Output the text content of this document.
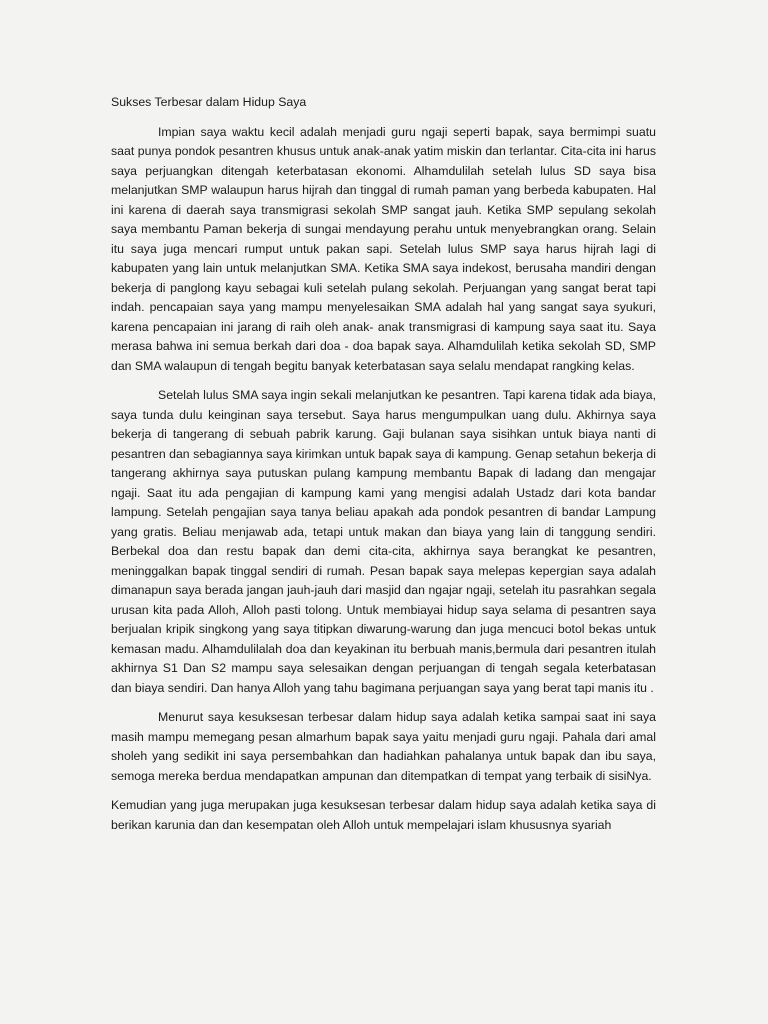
Sukses Terbesar dalam Hidup Saya

Impian saya waktu kecil adalah menjadi guru ngaji seperti bapak, saya bermimpi suatu saat punya pondok pesantren khusus untuk anak-anak yatim miskin dan terlantar. Cita-cita ini harus saya perjuangkan ditengah keterbatasan ekonomi. Alhamdulilah setelah lulus SD saya bisa melanjutkan SMP walaupun harus hijrah dan tinggal di rumah paman yang berbeda kabupaten. Hal ini karena di daerah saya transmigrasi sekolah SMP sangat jauh. Ketika SMP sepulang sekolah saya membantu Paman bekerja di sungai mendayung perahu untuk menyebrangkan orang. Selain itu saya juga mencari rumput untuk pakan sapi. Setelah lulus SMP saya harus hijrah lagi di kabupaten yang lain untuk melanjutkan SMA. Ketika SMA saya indekost, berusaha mandiri dengan bekerja di panglong kayu sebagai kuli setelah pulang sekolah. Perjuangan yang sangat berat tapi indah. pencapaian saya yang mampu menyelesaikan SMA adalah hal yang sangat saya syukuri, karena pencapaian ini jarang di raih oleh anak- anak transmigrasi di kampung saya saat itu. Saya merasa bahwa ini semua berkah dari doa - doa bapak saya. Alhamdulilah ketika sekolah SD, SMP dan SMA walaupun di tengah begitu banyak keterbatasan saya selalu mendapat rangking kelas.

Setelah lulus SMA saya ingin sekali melanjutkan ke pesantren. Tapi karena tidak ada biaya, saya tunda dulu keinginan saya tersebut. Saya harus mengumpulkan uang dulu. Akhirnya saya bekerja di tangerang di sebuah pabrik karung. Gaji bulanan saya sisihkan untuk biaya nanti di pesantren dan sebagiannya saya kirimkan untuk bapak saya di kampung. Genap setahun bekerja di tangerang akhirnya saya putuskan pulang kampung membantu Bapak di ladang dan mengajar ngaji. Saat itu ada pengajian di kampung kami yang mengisi adalah Ustadz dari kota bandar lampung. Setelah pengajian saya tanya beliau apakah ada pondok pesantren di bandar Lampung yang gratis. Beliau menjawab ada, tetapi untuk makan dan biaya yang lain di tanggung sendiri. Berbekal doa dan restu bapak dan demi cita-cita, akhirnya saya berangkat ke pesantren, meninggalkan bapak tinggal sendiri di rumah. Pesan bapak saya melepas kepergian saya adalah dimanapun saya berada jangan jauh-jauh dari masjid dan ngajar ngaji, setelah itu pasrahkan segala urusan kita pada Alloh, Alloh pasti tolong. Untuk membiayai hidup saya selama di pesantren saya berjualan kripik singkong yang saya titipkan diwarung-warung dan juga mencuci botol bekas untuk kemasan madu. Alhamdulilalah doa dan keyakinan itu berbuah manis,bermula dari pesantren itulah akhirnya S1 Dan S2 mampu saya selesaikan dengan perjuangan di tengah segala keterbatasan dan biaya sendiri. Dan hanya Alloh yang tahu bagimana perjuangan saya yang berat tapi manis itu .

Menurut saya kesuksesan terbesar dalam hidup saya adalah ketika sampai saat ini saya masih mampu memegang pesan almarhum bapak saya yaitu menjadi guru ngaji. Pahala dari amal sholeh yang sedikit ini saya persembahkan dan hadiahkan pahalanya untuk bapak dan ibu saya, semoga mereka berdua mendapatkan ampunan dan ditempatkan di tempat yang terbaik di sisiNya.

Kemudian yang juga merupakan juga kesuksesan terbesar dalam hidup saya adalah ketika saya di berikan karunia dan dan kesempatan oleh Alloh untuk mempelajari islam khususnya syariah
